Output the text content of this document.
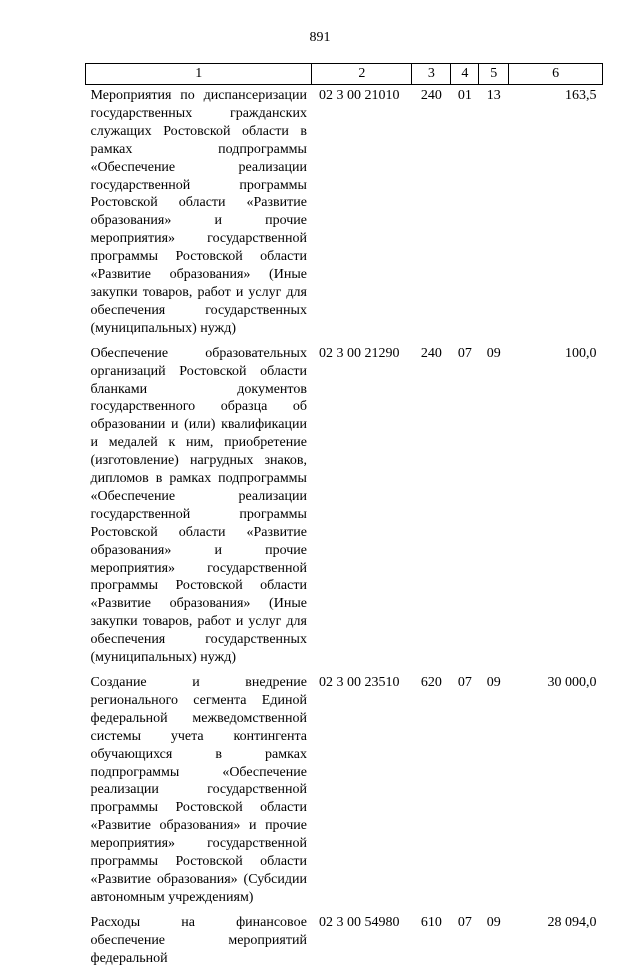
891
1	2	3	4	5	6
Мероприятия по диспансеризации государственных гражданских служащих Ростовской области в рамках подпрограммы «Обеспечение реализации государственной программы Ростовской области «Развитие образования» и прочие мероприятия» государственной программы Ростовской области «Развитие образования» (Иные закупки товаров, работ и услуг для обеспечения государственных (муниципальных) нужд)	02 3 00 21010	240	01	13	163,5
Обеспечение образовательных организаций Ростовской области бланками документов государственного образца об образовании и (или) квалификации и медалей к ним, приобретение (изготовление) нагрудных знаков, дипломов в рамках подпрограммы «Обеспечение реализации государственной программы Ростовской области «Развитие образования» и прочие мероприятия» государственной программы Ростовской области «Развитие образования» (Иные закупки товаров, работ и услуг для обеспечения государственных (муниципальных) нужд)	02 3 00 21290	240	07	09	100,0
Создание и внедрение регионального сегмента Единой федеральной межведомственной системы учета контингента обучающихся в рамках подпрограммы «Обеспечение реализации государственной программы Ростовской области «Развитие образования» и прочие мероприятия» государственной программы Ростовской области «Развитие образования» (Субсидии автономным учреждениям)	02 3 00 23510	620	07	09	30 000,0
Расходы на финансовое обеспечение мероприятий федеральной	02 3 00 54980	610	07	09	28 094,0
